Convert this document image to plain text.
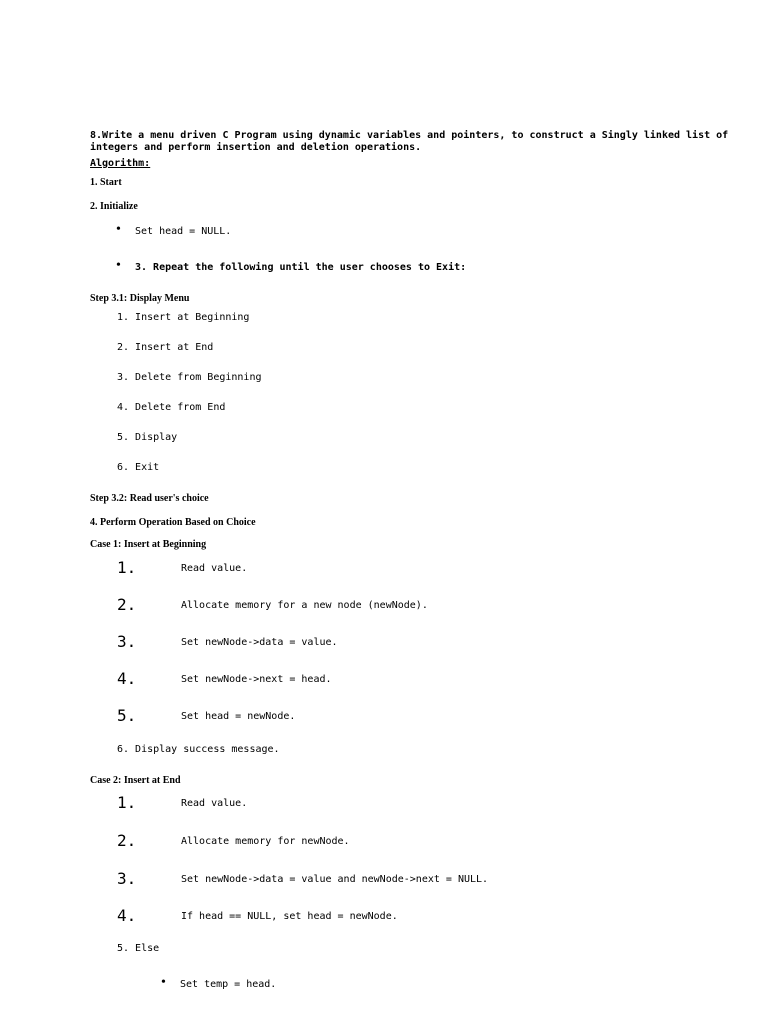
8.Write a menu driven C Program using dynamic variables and pointers, to construct a Singly linked list of integers and perform insertion and deletion operations.
Algorithm:
1. Start
2. Initialize
• Set head = NULL.
• 3. Repeat the following until the user chooses to Exit:
Step 3.1: Display Menu
1. Insert at Beginning
2. Insert at End
3. Delete from Beginning
4. Delete from End
5. Display
6. Exit
Step 3.2: Read user's choice
4. Perform Operation Based on Choice
Case 1: Insert at Beginning
1.	Read value.
2.	Allocate memory for a new node (newNode).
3.	Set newNode->data = value.
4.	Set newNode->next = head.
5.	Set head = newNode.
6. Display success message.
Case 2: Insert at End
1.	Read value.
2.	Allocate memory for newNode.
3.	Set newNode->data = value and newNode->next = NULL.
4.	If head == NULL, set head = newNode.
5. Else
• Set temp = head.
